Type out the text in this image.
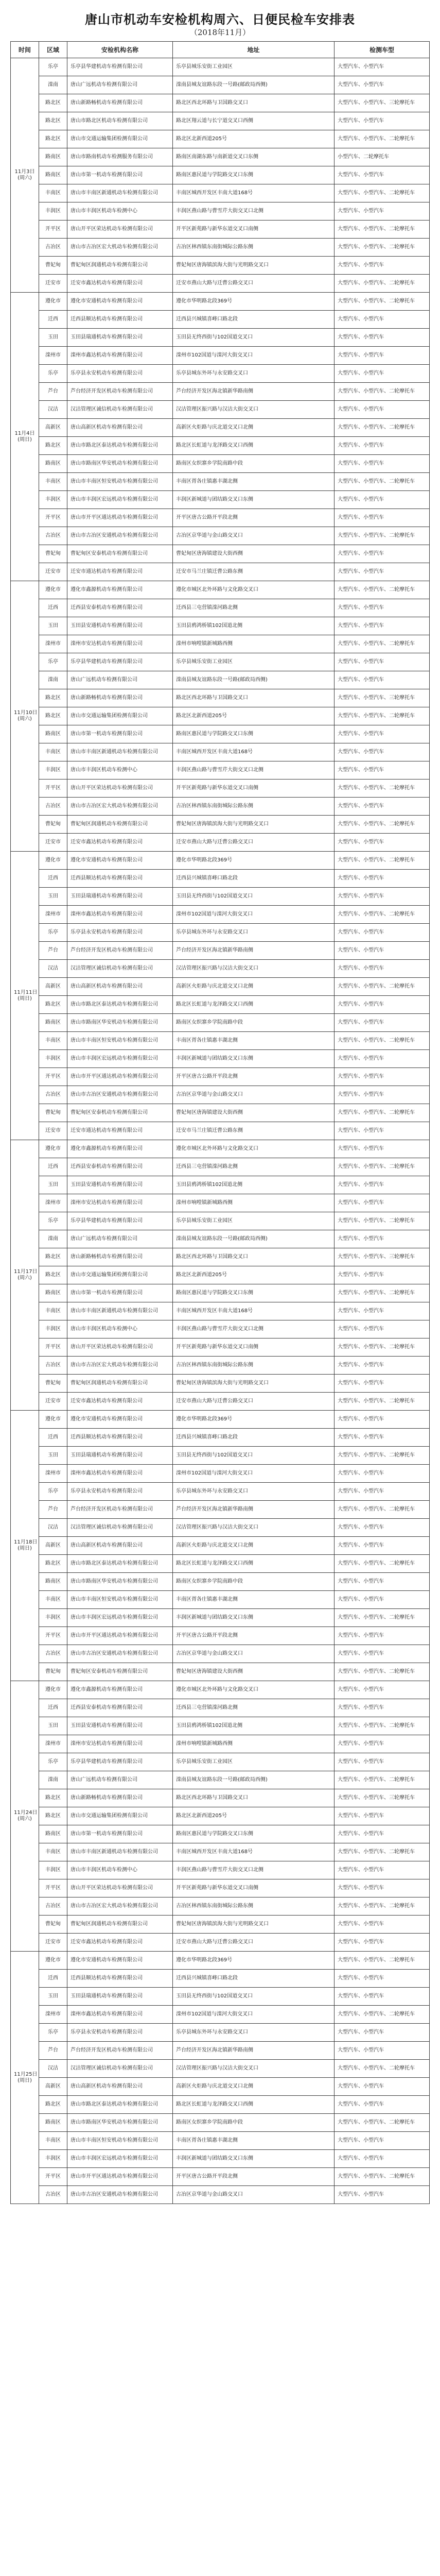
唐山市机动车安检机构周六、日便民检车安排表
（2018年11月）
时间	区域	安检机构名称	地址	检测车型

11月3日
(周六)	乐亭	乐亭县华建机动车检测有限公司	乐亭县城乐安街工业园区	大型汽车、小型汽车
	滦南	唐山广远机动车检测有限公司	滦南县城友谊路东段一号路(邮政局西侧)	大型汽车、小型汽车
	路北区	唐山新路畅机动车检测有限公司	路北区西北环路与卫国路交叉口	大型汽车、小型汽车、三轮摩托车
	路北区	唐山市路北区机动车检测有限公司	路北区翔云道与长宁道交叉口西侧	大型汽车、小型汽车
	路北区	唐山市交通运输集团检测有限公司	路北区北新西道205号	大型汽车、小型汽车、二轮摩托车
	路南区	唐山市路南机动车检测服务有限公司	路南区南湖东路与南新道交叉口东侧	小型汽车、二轮摩托车
	路南区	唐山市第一机动车检测有限公司	路南区惠民道与学院路交叉口东侧	大型汽车、小型汽车
	丰南区	唐山市丰南区新通机动车检测有限公司	丰南区城西开发区丰南大道168号	大型汽车、小型汽车、二轮摩托车
	丰润区	唐山市丰润区机动车检测中心	丰润区燕山路与曹雪芹大街交叉口北侧	大型汽车、小型汽车
	开平区	唐山开平区荣达机动车检测有限公司	开平区新苑路与新华东道交叉口南侧	大型汽车、小型汽车、二轮摩托车
	古冶区	唐山市古冶区宏大机动车检测有限公司	古冶区林西镇东南街城际公路东侧	大型汽车、小型汽车、二轮摩托车
	曹妃甸	曹妃甸区润通机动车检测有限公司	曹妃甸区唐海镇滨海大街与光明路交叉口	大型汽车、小型汽车
	迁安市	迁安市鑫达机动车检测有限公司	迁安市燕山大路与迁曹公路交叉口	大型汽车、小型汽车、二轮摩托车

11月4日
(周日)	遵化市	遵化市安通机动车检测有限公司	遵化市华明路北段369号	大型汽车、小型汽车、二轮摩托车
	迁西	迁西县顺达机动车检测有限公司	迁西县兴城镇喜峰口路北段	大型汽车、小型汽车
	玉田	玉田县瑞通机动车检测有限公司	玉田县无终西街与102国道交叉口	大型汽车、小型汽车
	滦州市	滦州市鑫达机动车检测有限公司	滦州市102国道与滦河大街交叉口	大型汽车、小型汽车
	乐亭	乐亭县永安机动车检测有限公司	乐亭县城东外环与永安路交叉口	大型汽车、小型汽车
	芦台	芦台经济开发区机动车检测有限公司	芦台经济开发区海北镇新华路南侧	大型汽车、小型汽车、二轮摩托车
	汉沽	汉沽管理区诚信机动车检测有限公司	汉沽管理区振兴路与汉沽大街交叉口	大型汽车、小型汽车
	高新区	唐山高新区机动车检测有限公司	高新区火炬路与庆北道交叉口北侧	大型汽车、小型汽车、二轮摩托车
	路北区	唐山市路北区泰达机动车检测有限公司	路北区长虹道与龙泽路交叉口西侧	大型汽车、小型汽车
	路南区	唐山市路南区华安机动车检测有限公司	路南区女织寨乡学院南路中段	大型汽车、小型汽车
	丰南区	唐山市丰南区恒安机动车检测有限公司	丰南区胥各庄镇惠丰湖北侧	大型汽车、小型汽车、二轮摩托车
	丰润区	唐山市丰润区宏远机动车检测有限公司	丰润区新城道与团结路交叉口东侧	大型汽车、小型汽车
	开平区	唐山市开平区通达机动车检测有限公司	开平区唐古公路开平段北侧	大型汽车、小型汽车
	古冶区	唐山市古冶区安通机动车检测有限公司	古冶区京华道与金山路交叉口	大型汽车、小型汽车、二轮摩托车
	曹妃甸	曹妃甸区安泰机动车检测有限公司	曹妃甸区唐海镇建设大街西侧	大型汽车、小型汽车
	迁安市	迁安市通达机动车检测有限公司	迁安市马兰庄镇迁曹公路东侧	大型汽车、小型汽车

11月10日
(周六)	遵化市	遵化市鑫源机动车检测有限公司	遵化市城区北外环路与文化路交叉口	大型汽车、小型汽车、二轮摩托车
	迁西	迁西县安泰机动车检测有限公司	迁西县三屯营镇滦河路北侧	大型汽车、小型汽车
	玉田	玉田县安通机动车检测有限公司	玉田县鸦鸿桥镇102国道北侧	大型汽车、小型汽车
	滦州市	滦州市安达机动车检测有限公司	滦州市响嘡镇新城路西侧	大型汽车、小型汽车、二轮摩托车
	乐亭	乐亭县华建机动车检测有限公司	乐亭县城乐安街工业园区	大型汽车、小型汽车
	滦南	唐山广远机动车检测有限公司	滦南县城友谊路东段一号路(邮政局西侧)	大型汽车、小型汽车
	路北区	唐山新路畅机动车检测有限公司	路北区西北环路与卫国路交叉口	大型汽车、小型汽车、三轮摩托车
	路北区	唐山市交通运输集团检测有限公司	路北区北新西道205号	大型汽车、小型汽车、二轮摩托车
	路南区	唐山市第一机动车检测有限公司	路南区惠民道与学院路交叉口东侧	大型汽车、小型汽车
	丰南区	唐山市丰南区新通机动车检测有限公司	丰南区城西开发区丰南大道168号	大型汽车、小型汽车
	丰润区	唐山市丰润区机动车检测中心	丰润区燕山路与曹雪芹大街交叉口北侧	大型汽车、小型汽车
	开平区	唐山开平区荣达机动车检测有限公司	开平区新苑路与新华东道交叉口南侧	大型汽车、小型汽车、二轮摩托车
	古冶区	唐山市古冶区宏大机动车检测有限公司	古冶区林西镇东南街城际公路东侧	大型汽车、小型汽车
	曹妃甸	曹妃甸区润通机动车检测有限公司	曹妃甸区唐海镇滨海大街与光明路交叉口	大型汽车、小型汽车、二轮摩托车
	迁安市	迁安市鑫达机动车检测有限公司	迁安市燕山大路与迁曹公路交叉口	大型汽车、小型汽车

11月11日
(周日)	遵化市	遵化市安通机动车检测有限公司	遵化市华明路北段369号	大型汽车、小型汽车、二轮摩托车
	迁西	迁西县顺达机动车检测有限公司	迁西县兴城镇喜峰口路北段	大型汽车、小型汽车
	玉田	玉田县瑞通机动车检测有限公司	玉田县无终西街与102国道交叉口	大型汽车、小型汽车
	滦州市	滦州市鑫达机动车检测有限公司	滦州市102国道与滦河大街交叉口	大型汽车、小型汽车、二轮摩托车
	乐亭	乐亭县永安机动车检测有限公司	乐亭县城东外环与永安路交叉口	大型汽车、小型汽车
	芦台	芦台经济开发区机动车检测有限公司	芦台经济开发区海北镇新华路南侧	大型汽车、小型汽车
	汉沽	汉沽管理区诚信机动车检测有限公司	汉沽管理区振兴路与汉沽大街交叉口	大型汽车、小型汽车
	高新区	唐山高新区机动车检测有限公司	高新区火炬路与庆北道交叉口北侧	大型汽车、小型汽车、二轮摩托车
	路北区	唐山市路北区泰达机动车检测有限公司	路北区长虹道与龙泽路交叉口西侧	大型汽车、小型汽车
	路南区	唐山市路南区华安机动车检测有限公司	路南区女织寨乡学院南路中段	大型汽车、小型汽车
	丰南区	唐山市丰南区恒安机动车检测有限公司	丰南区胥各庄镇惠丰湖北侧	大型汽车、小型汽车、二轮摩托车
	丰润区	唐山市丰润区宏远机动车检测有限公司	丰润区新城道与团结路交叉口东侧	大型汽车、小型汽车
	开平区	唐山市开平区通达机动车检测有限公司	开平区唐古公路开平段北侧	大型汽车、小型汽车
	古冶区	唐山市古冶区安通机动车检测有限公司	古冶区京华道与金山路交叉口	大型汽车、小型汽车
	曹妃甸	曹妃甸区安泰机动车检测有限公司	曹妃甸区唐海镇建设大街西侧	大型汽车、小型汽车、二轮摩托车
	迁安市	迁安市通达机动车检测有限公司	迁安市马兰庄镇迁曹公路东侧	大型汽车、小型汽车

11月17日
(周六)	遵化市	遵化市鑫源机动车检测有限公司	遵化市城区北外环路与文化路交叉口	大型汽车、小型汽车
	迁西	迁西县安泰机动车检测有限公司	迁西县三屯营镇滦河路北侧	大型汽车、小型汽车、二轮摩托车
	玉田	玉田县安通机动车检测有限公司	玉田县鸦鸿桥镇102国道北侧	大型汽车、小型汽车
	滦州市	滦州市安达机动车检测有限公司	滦州市响嘡镇新城路西侧	大型汽车、小型汽车
	乐亭	乐亭县华建机动车检测有限公司	乐亭县城乐安街工业园区	大型汽车、小型汽车、二轮摩托车
	滦南	唐山广远机动车检测有限公司	滦南县城友谊路东段一号路(邮政局西侧)	大型汽车、小型汽车
	路北区	唐山新路畅机动车检测有限公司	路北区西北环路与卫国路交叉口	大型汽车、小型汽车、三轮摩托车
	路北区	唐山市交通运输集团检测有限公司	路北区北新西道205号	大型汽车、小型汽车
	路南区	唐山市第一机动车检测有限公司	路南区惠民道与学院路交叉口东侧	大型汽车、小型汽车、二轮摩托车
	丰南区	唐山市丰南区新通机动车检测有限公司	丰南区城西开发区丰南大道168号	大型汽车、小型汽车
	丰润区	唐山市丰润区机动车检测中心	丰润区燕山路与曹雪芹大街交叉口北侧	大型汽车、小型汽车
	开平区	唐山开平区荣达机动车检测有限公司	开平区新苑路与新华东道交叉口南侧	大型汽车、小型汽车、二轮摩托车
	古冶区	唐山市古冶区宏大机动车检测有限公司	古冶区林西镇东南街城际公路东侧	大型汽车、小型汽车
	曹妃甸	曹妃甸区润通机动车检测有限公司	曹妃甸区唐海镇滨海大街与光明路交叉口	大型汽车、小型汽车
	迁安市	迁安市鑫达机动车检测有限公司	迁安市燕山大路与迁曹公路交叉口	大型汽车、小型汽车、二轮摩托车

11月18日
(周日)	遵化市	遵化市安通机动车检测有限公司	遵化市华明路北段369号	大型汽车、小型汽车
	迁西	迁西县顺达机动车检测有限公司	迁西县兴城镇喜峰口路北段	大型汽车、小型汽车
	玉田	玉田县瑞通机动车检测有限公司	玉田县无终西街与102国道交叉口	大型汽车、小型汽车、二轮摩托车
	滦州市	滦州市鑫达机动车检测有限公司	滦州市102国道与滦河大街交叉口	大型汽车、小型汽车
	乐亭	乐亭县永安机动车检测有限公司	乐亭县城东外环与永安路交叉口	大型汽车、小型汽车
	芦台	芦台经济开发区机动车检测有限公司	芦台经济开发区海北镇新华路南侧	大型汽车、小型汽车、二轮摩托车
	汉沽	汉沽管理区诚信机动车检测有限公司	汉沽管理区振兴路与汉沽大街交叉口	大型汽车、小型汽车
	高新区	唐山高新区机动车检测有限公司	高新区火炬路与庆北道交叉口北侧	大型汽车、小型汽车
	路北区	唐山市路北区泰达机动车检测有限公司	路北区长虹道与龙泽路交叉口西侧	大型汽车、小型汽车、二轮摩托车
	路南区	唐山市路南区华安机动车检测有限公司	路南区女织寨乡学院南路中段	大型汽车、小型汽车
	丰南区	唐山市丰南区恒安机动车检测有限公司	丰南区胥各庄镇惠丰湖北侧	大型汽车、小型汽车
	丰润区	唐山市丰润区宏远机动车检测有限公司	丰润区新城道与团结路交叉口东侧	大型汽车、小型汽车、二轮摩托车
	开平区	唐山市开平区通达机动车检测有限公司	开平区唐古公路开平段北侧	大型汽车、小型汽车
	古冶区	唐山市古冶区安通机动车检测有限公司	古冶区京华道与金山路交叉口	大型汽车、小型汽车
	曹妃甸	曹妃甸区安泰机动车检测有限公司	曹妃甸区唐海镇建设大街西侧	大型汽车、小型汽车、二轮摩托车

11月24日
(周六)	遵化市	遵化市鑫源机动车检测有限公司	遵化市城区北外环路与文化路交叉口	大型汽车、小型汽车
	迁西	迁西县安泰机动车检测有限公司	迁西县三屯营镇滦河路北侧	大型汽车、小型汽车
	玉田	玉田县安通机动车检测有限公司	玉田县鸦鸿桥镇102国道北侧	大型汽车、小型汽车、二轮摩托车
	滦州市	滦州市安达机动车检测有限公司	滦州市响嘡镇新城路西侧	大型汽车、小型汽车
	乐亭	乐亭县华建机动车检测有限公司	乐亭县城乐安街工业园区	大型汽车、小型汽车
	滦南	唐山广远机动车检测有限公司	滦南县城友谊路东段一号路(邮政局西侧)	大型汽车、小型汽车、二轮摩托车
	路北区	唐山新路畅机动车检测有限公司	路北区西北环路与卫国路交叉口	大型汽车、小型汽车、三轮摩托车
	路北区	唐山市交通运输集团检测有限公司	路北区北新西道205号	大型汽车、小型汽车
	路南区	唐山市第一机动车检测有限公司	路南区惠民道与学院路交叉口东侧	大型汽车、小型汽车
	丰南区	唐山市丰南区新通机动车检测有限公司	丰南区城西开发区丰南大道168号	大型汽车、小型汽车、二轮摩托车
	丰润区	唐山市丰润区机动车检测中心	丰润区燕山路与曹雪芹大街交叉口北侧	大型汽车、小型汽车
	开平区	唐山开平区荣达机动车检测有限公司	开平区新苑路与新华东道交叉口南侧	大型汽车、小型汽车
	古冶区	唐山市古冶区宏大机动车检测有限公司	古冶区林西镇东南街城际公路东侧	大型汽车、小型汽车、二轮摩托车
	曹妃甸	曹妃甸区润通机动车检测有限公司	曹妃甸区唐海镇滨海大街与光明路交叉口	大型汽车、小型汽车
	迁安市	迁安市鑫达机动车检测有限公司	迁安市燕山大路与迁曹公路交叉口	大型汽车、小型汽车

11月25日
(周日)	遵化市	遵化市安通机动车检测有限公司	遵化市华明路北段369号	大型汽车、小型汽车、二轮摩托车
	迁西	迁西县顺达机动车检测有限公司	迁西县兴城镇喜峰口路北段	大型汽车、小型汽车
	玉田	玉田县瑞通机动车检测有限公司	玉田县无终西街与102国道交叉口	大型汽车、小型汽车
	滦州市	滦州市鑫达机动车检测有限公司	滦州市102国道与滦河大街交叉口	大型汽车、小型汽车、二轮摩托车
	乐亭	乐亭县永安机动车检测有限公司	乐亭县城东外环与永安路交叉口	大型汽车、小型汽车
	芦台	芦台经济开发区机动车检测有限公司	芦台经济开发区海北镇新华路南侧	大型汽车、小型汽车
	汉沽	汉沽管理区诚信机动车检测有限公司	汉沽管理区振兴路与汉沽大街交叉口	大型汽车、小型汽车、二轮摩托车
	高新区	唐山高新区机动车检测有限公司	高新区火炬路与庆北道交叉口北侧	大型汽车、小型汽车
	路北区	唐山市路北区泰达机动车检测有限公司	路北区长虹道与龙泽路交叉口西侧	大型汽车、小型汽车
	路南区	唐山市路南区华安机动车检测有限公司	路南区女织寨乡学院南路中段	大型汽车、小型汽车、二轮摩托车
	丰南区	唐山市丰南区恒安机动车检测有限公司	丰南区胥各庄镇惠丰湖北侧	大型汽车、小型汽车
	丰润区	唐山市丰润区宏远机动车检测有限公司	丰润区新城道与团结路交叉口东侧	大型汽车、小型汽车
	开平区	唐山市开平区通达机动车检测有限公司	开平区唐古公路开平段北侧	大型汽车、小型汽车、二轮摩托车
	古冶区	唐山市古冶区安通机动车检测有限公司	古冶区京华道与金山路交叉口	大型汽车、小型汽车
